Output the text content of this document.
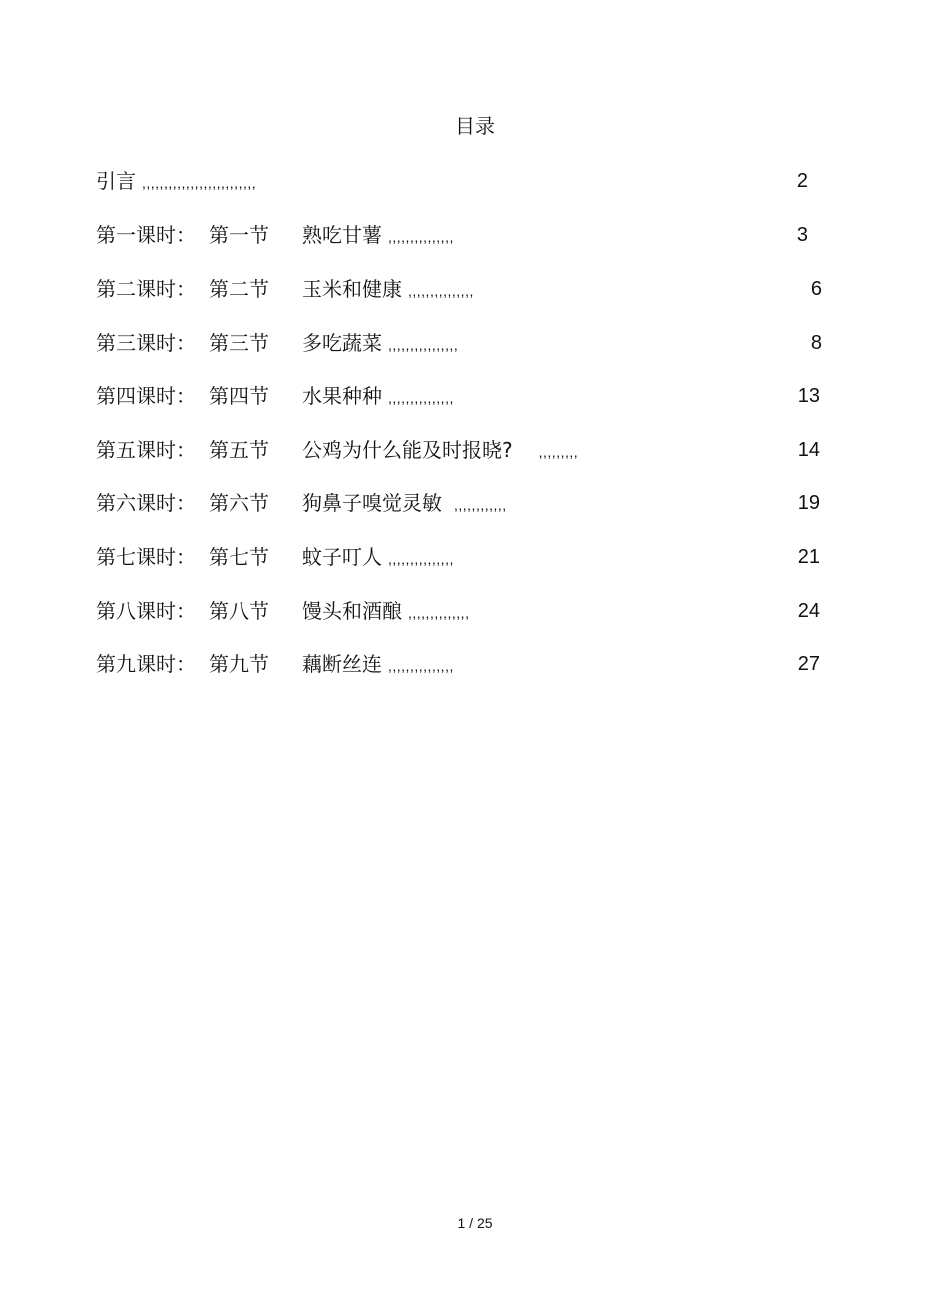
目录
引言 ,,,,,,,,,,,,,,,,,,,,,,,,,,	2
第一课时： 第一节 熟吃甘薯 ,,,,,,,,,,,,,,,	3
第二课时： 第二节 玉米和健康 ,,,,,,,,,,,,,,,	6
第三课时： 第三节 多吃蔬菜 ,,,,,,,,,,,,,,,,	8
第四课时： 第四节 水果种种 ,,,,,,,,,,,,,,,	13
第五课时： 第五节 公鸡为什么能及时报晓? ,,,,,,,,,	14
第六课时： 第六节 狗鼻子嗅觉灵敏 ,,,,,,,,,,,,	19
第七课时： 第七节 蚊子叮人 ,,,,,,,,,,,,,,,	21
第八课时： 第八节 馒头和酒酿 ,,,,,,,,,,,,,,	24
第九课时： 第九节 藕断丝连 ,,,,,,,,,,,,,,,	27
1 / 25
